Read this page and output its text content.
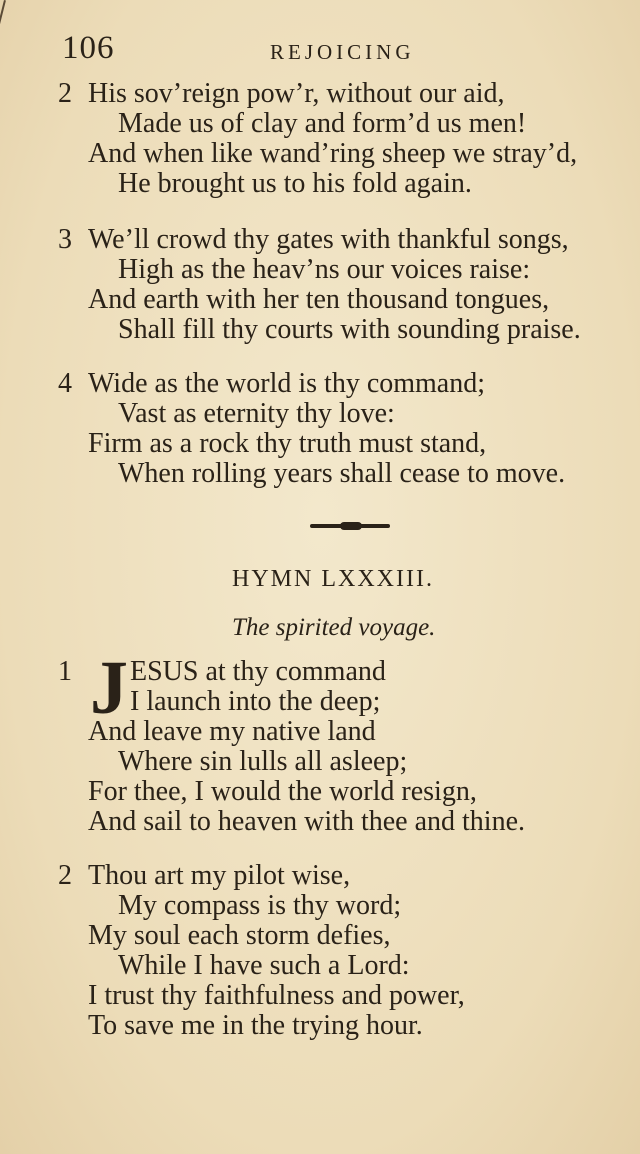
106	REJOICING
2 His sov’reign pow’r, without our aid,
Made us of clay and form’d us men!
And when like wand’ring sheep we stray’d,
He brought us to his fold again.
3 We’ll crowd thy gates with thankful songs,
High as the heav’ns our voices raise:
And earth with her ten thousand tongues,
Shall fill thy courts with sounding praise.
4 Wide as the world is thy command;
Vast as eternity thy love:
Firm as a rock thy truth must stand,
When rolling years shall cease to move.
HYMN LXXXIII.
The spirited voyage.
1 J ESUS at thy command
I launch into the deep;
And leave my native land
Where sin lulls all asleep;
For thee, I would the world resign,
And sail to heaven with thee and thine.
2 Thou art my pilot wise,
My compass is thy word;
My soul each storm defies,
While I have such a Lord:
I trust thy faithfulness and power,
To save me in the trying hour.
